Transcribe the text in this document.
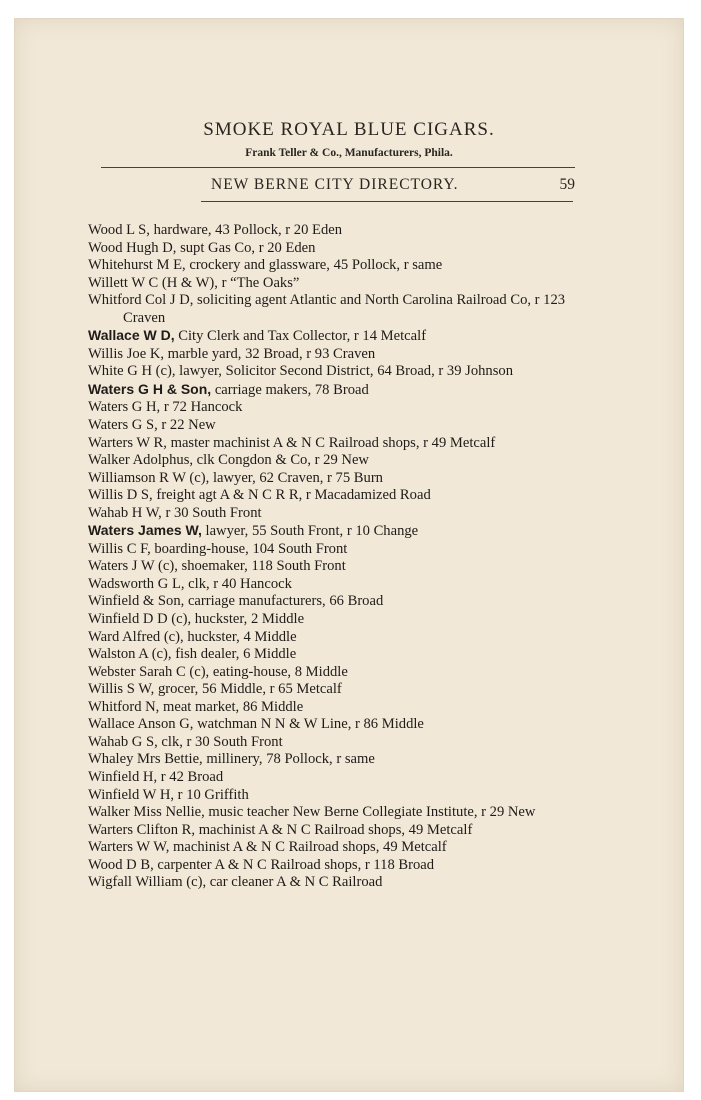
SMOKE ROYAL BLUE CIGARS.
Frank Teller & Co., Manufacturers, Phila.
NEW BERNE CITY DIRECTORY.	59
Wood L S, hardware, 43 Pollock, r 20 Eden
Wood Hugh D, supt Gas Co, r 20 Eden
Whitehurst M E, crockery and glassware, 45 Pollock, r same
Willett W C (H & W), r “The Oaks”
Whitford Col J D, soliciting agent Atlantic and North Carolina Railroad Co, r 123 Craven
Wallace W D, City Clerk and Tax Collector, r 14 Metcalf
Willis Joe K, marble yard, 32 Broad, r 93 Craven
White G H (c), lawyer, Solicitor Second District, 64 Broad, r 39 Johnson
Waters G H & Son, carriage makers, 78 Broad
Waters G H, r 72 Hancock
Waters G S, r 22 New
Warters W R, master machinist A & N C Railroad shops, r 49 Metcalf
Walker Adolphus, clk Congdon & Co, r 29 New
Williamson R W (c), lawyer, 62 Craven, r 75 Burn
Willis D S, freight agt A & N C R R, r Macadamized Road
Wahab H W, r 30 South Front
Waters James W, lawyer, 55 South Front, r 10 Change
Willis C F, boarding-house, 104 South Front
Waters J W (c), shoemaker, 118 South Front
Wadsworth G L, clk, r 40 Hancock
Winfield & Son, carriage manufacturers, 66 Broad
Winfield D D (c), huckster, 2 Middle
Ward Alfred (c), huckster, 4 Middle
Walston A (c), fish dealer, 6 Middle
Webster Sarah C (c), eating-house, 8 Middle
Willis S W, grocer, 56 Middle, r 65 Metcalf
Whitford N, meat market, 86 Middle
Wallace Anson G, watchman N N & W Line, r 86 Middle
Wahab G S, clk, r 30 South Front
Whaley Mrs Bettie, millinery, 78 Pollock, r same
Winfield H, r 42 Broad
Winfield W H, r 10 Griffith
Walker Miss Nellie, music teacher New Berne Collegiate Institute, r 29 New
Warters Clifton R, machinist A & N C Railroad shops, 49 Metcalf
Warters W W, machinist A & N C Railroad shops, 49 Metcalf
Wood D B, carpenter A & N C Railroad shops, r 118 Broad
Wigfall William (c), car cleaner A & N C Railroad
